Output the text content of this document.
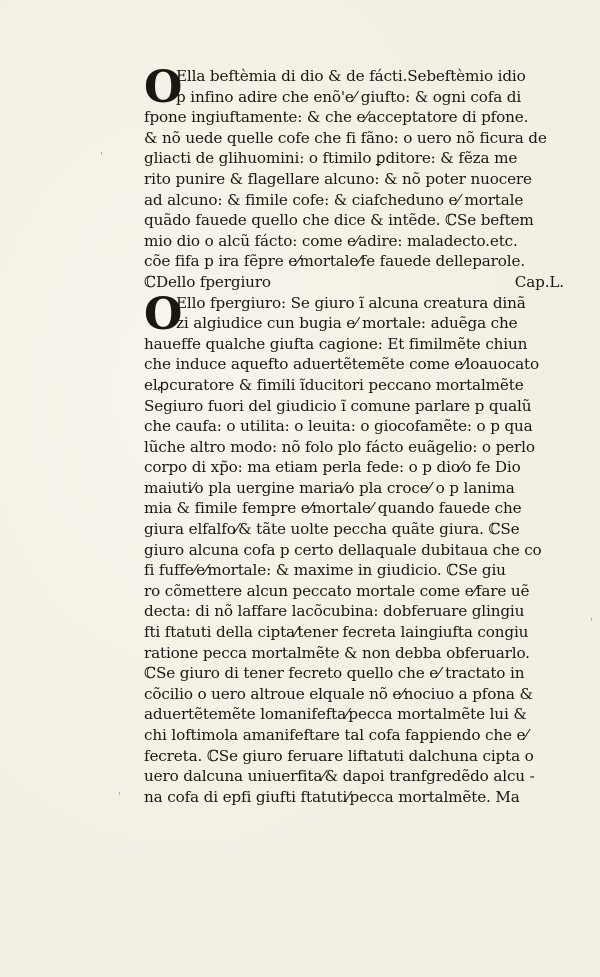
ˈ
ˈ
ˈ
O
O
Ella beftèmia di dio & de fácti.Sebeftèmio idio
p infino adire che enõ'e⁄ giufto: & ogni cofa di
fpone ingiuftamente: & che e⁄acceptatore di pfone.
& nõ uede quelle cofe che fi fãno: o uero nõ ficura de
gliacti de glihuomini: o ftimilo ꝑditore: & fẽza me
rito punire & flagellare alcuno: & nõ poter nuocere
ad alcuno: & fimile cofe: & ciafcheduno e⁄ mortale
quãdo fauede quello che dice & intẽde. ℂSe beftem
mio dio o alcũ fácto: come e⁄adire: maladecto.etc.
cõe fifa p ira fẽpre e⁄mortale⁄fe fauede delleparole.
ℂDello fpergiuro	Cap.L.
Ello fpergiuro: Se giuro ĩ alcuna creatura dinã
zi algiudice cun bugia e⁄ mortale: aduẽga che
haueffe qualche giufta cagione: Et fimilmẽte chiun
che induce aquefto aduertẽtemẽte come e⁄loauocato
elꝓcuratore & fimili ĩducitori peccano mortalmẽte
Segiuro fuori del giudicio ĩ comune parlare p qualũ
che caufa: o utilita: o leuita: o giocofamẽte: o p qua
lũche altro modo: nõ folo plo fácto euãgelio: o perlo
corpo di xp̃o: ma etiam perla fede: o p dio⁄o fe Dio
maiuti⁄o pla uergine maria⁄o pla croce⁄ o p lanima
mia & fimile fempre e⁄mortale⁄ quando fauede che
giura elfalfo⁄& tãte uolte peccha quãte giura. ℂSe
giuro alcuna cofa p certo dellaquale dubitaua che co
fi fuffe⁄e⁄mortale: & maxime in giudicio. ℂSe giu
ro cõmettere alcun peccato mortale come e⁄fare uẽ
decta: di nõ laffare lacõcubina: dobferuare glingiu
fti ftatuti della cipta⁄tener fecreta laingiufta congiu
ratione pecca mortalmẽte & non debba obferuarlo.
ℂSe giuro di tener fecreto quello che e⁄ tractato in
cõcilio o uero altroue elquale nõ e⁄nociuo a pfona &
aduertẽtemẽte lomanifefta⁄pecca mortalmẽte lui &
chi loftimola amanifeftare tal cofa fappiendo che e⁄
fecreta. ℂSe giuro feruare liftatuti dalchuna cipta o
uero dalcuna uniuerfita⁄& dapoi tranfgredẽdo alcu -
na cofa di epfi giufti ftatuti⁄pecca mortalmẽte. Ma
